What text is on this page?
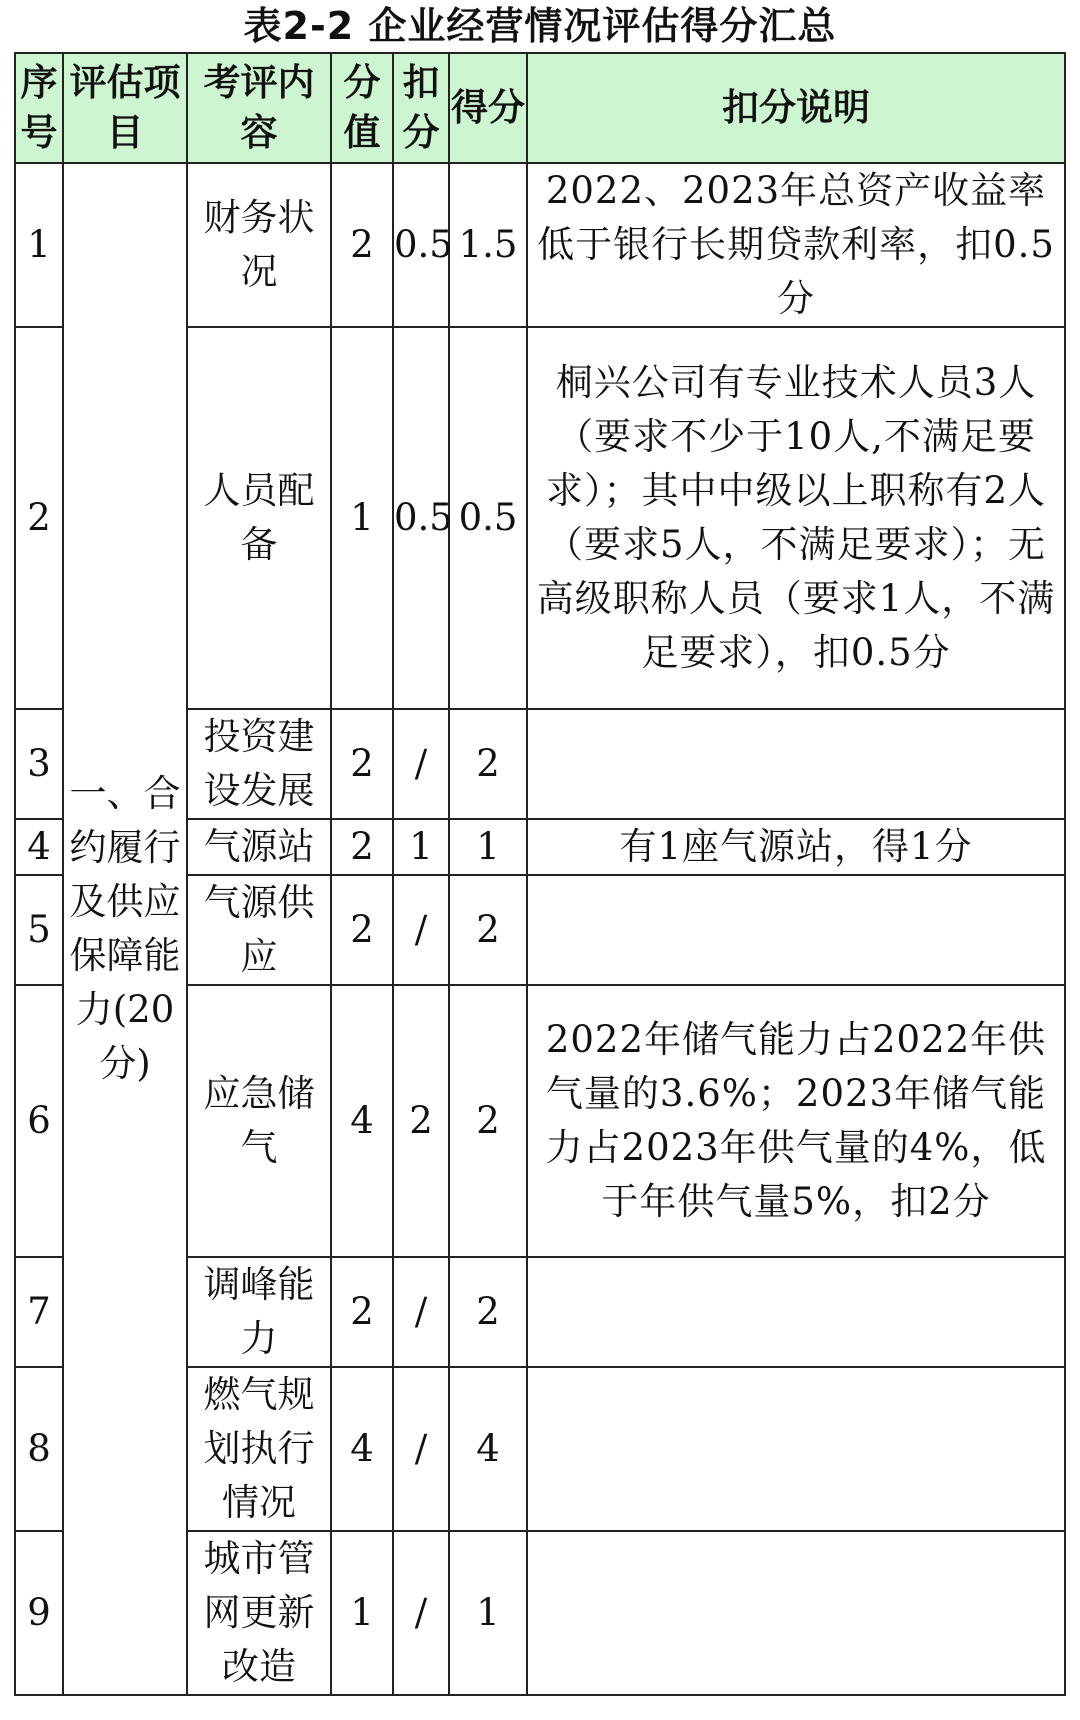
表2-2 企业经营情况评估得分汇总
序号	评估项目	考评内容	分值	扣分	得分	扣分说明
1	一、合约履行及供应保障能力(20分)	财务状况	2	0.5	1.5	2022、2023年总资产收益率低于银行长期贷款利率，扣0.5分
2		人员配备	1	0.5	0.5	桐兴公司有专业技术人员3人（要求不少于10人,不满足要求）；其中中级以上职称有2人（要求5人，不满足要求）；无高级职称人员（要求1人，不满足要求），扣0.5分
3		投资建设发展	2	/	2	
4		气源站	2	1	1	有1座气源站，得1分
5		气源供应	2	/	2	
6		应急储气	4	2	2	2022年储气能力占2022年供气量的3.6%；2023年储气能力占2023年供气量的4%，低于年供气量5%，扣2分
7		调峰能力	2	/	2	
8		燃气规划执行情况	4	/	4	
9		城市管网更新改造	1	/	1	
